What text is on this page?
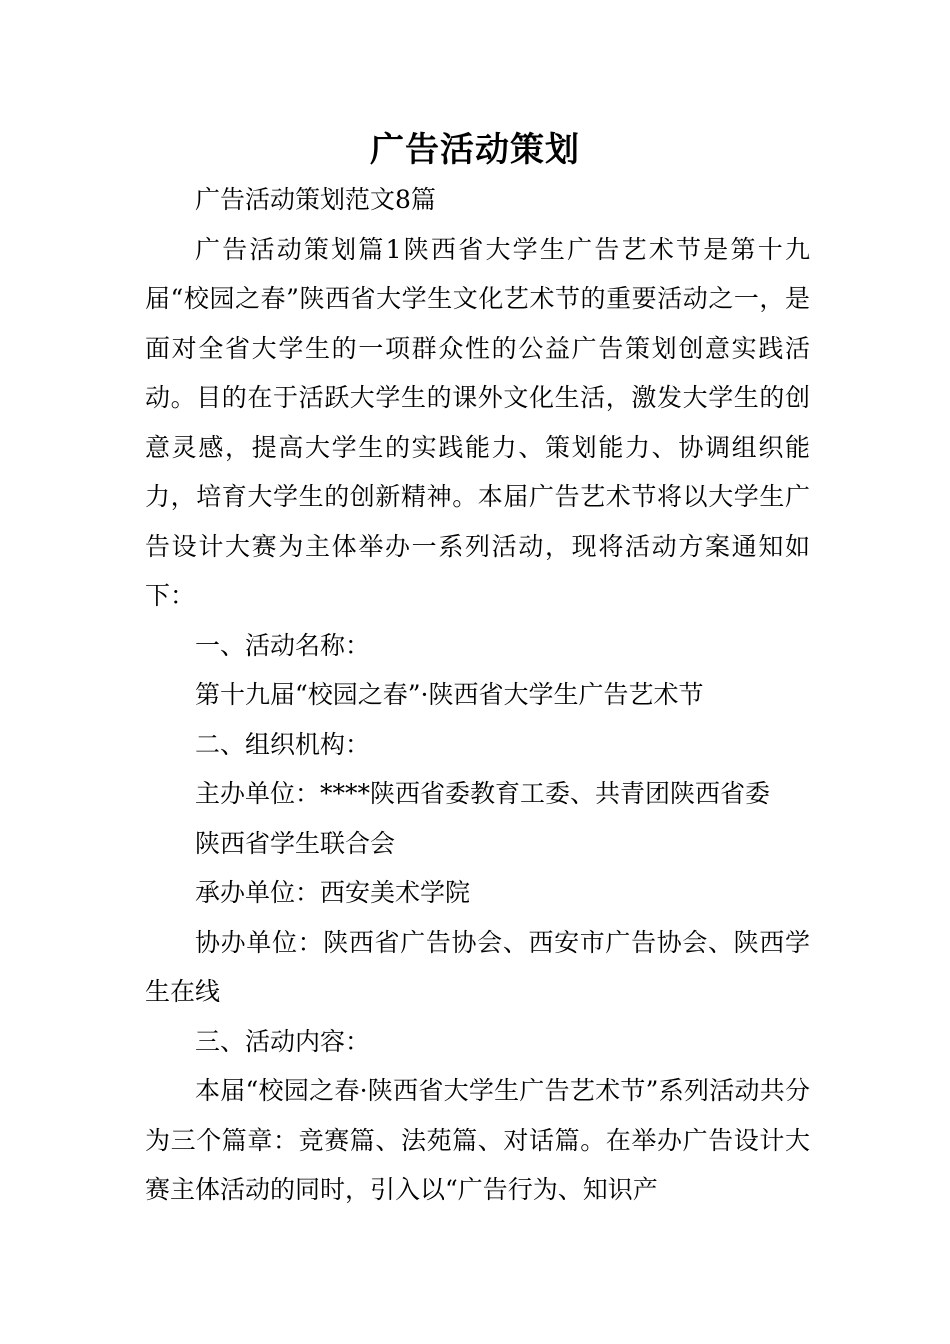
广告活动策划

广告活动策划范文8篇

广告活动策划篇1陕西省大学生广告艺术节是第十九届“校园之春”陕西省大学生文化艺术节的重要活动之一，是面对全省大学生的一项群众性的公益广告策划创意实践活动。目的在于活跃大学生的课外文化生活，激发大学生的创意灵感，提高大学生的实践能力、策划能力、协调组织能力，培育大学生的创新精神。本届广告艺术节将以大学生广告设计大赛为主体举办一系列活动，现将活动方案通知如下：

一、活动名称：

第十九届“校园之春”·陕西省大学生广告艺术节

二、组织机构：

主办单位：****陕西省委教育工委、共青团陕西省委

陕西省学生联合会

承办单位：西安美术学院

协办单位：陕西省广告协会、西安市广告协会、陕西学生在线

三、活动内容：

本届“校园之春·陕西省大学生广告艺术节”系列活动共分为三个篇章：竞赛篇、法苑篇、对话篇。在举办广告设计大赛主体活动的同时，引入以“广告行为、知识产
